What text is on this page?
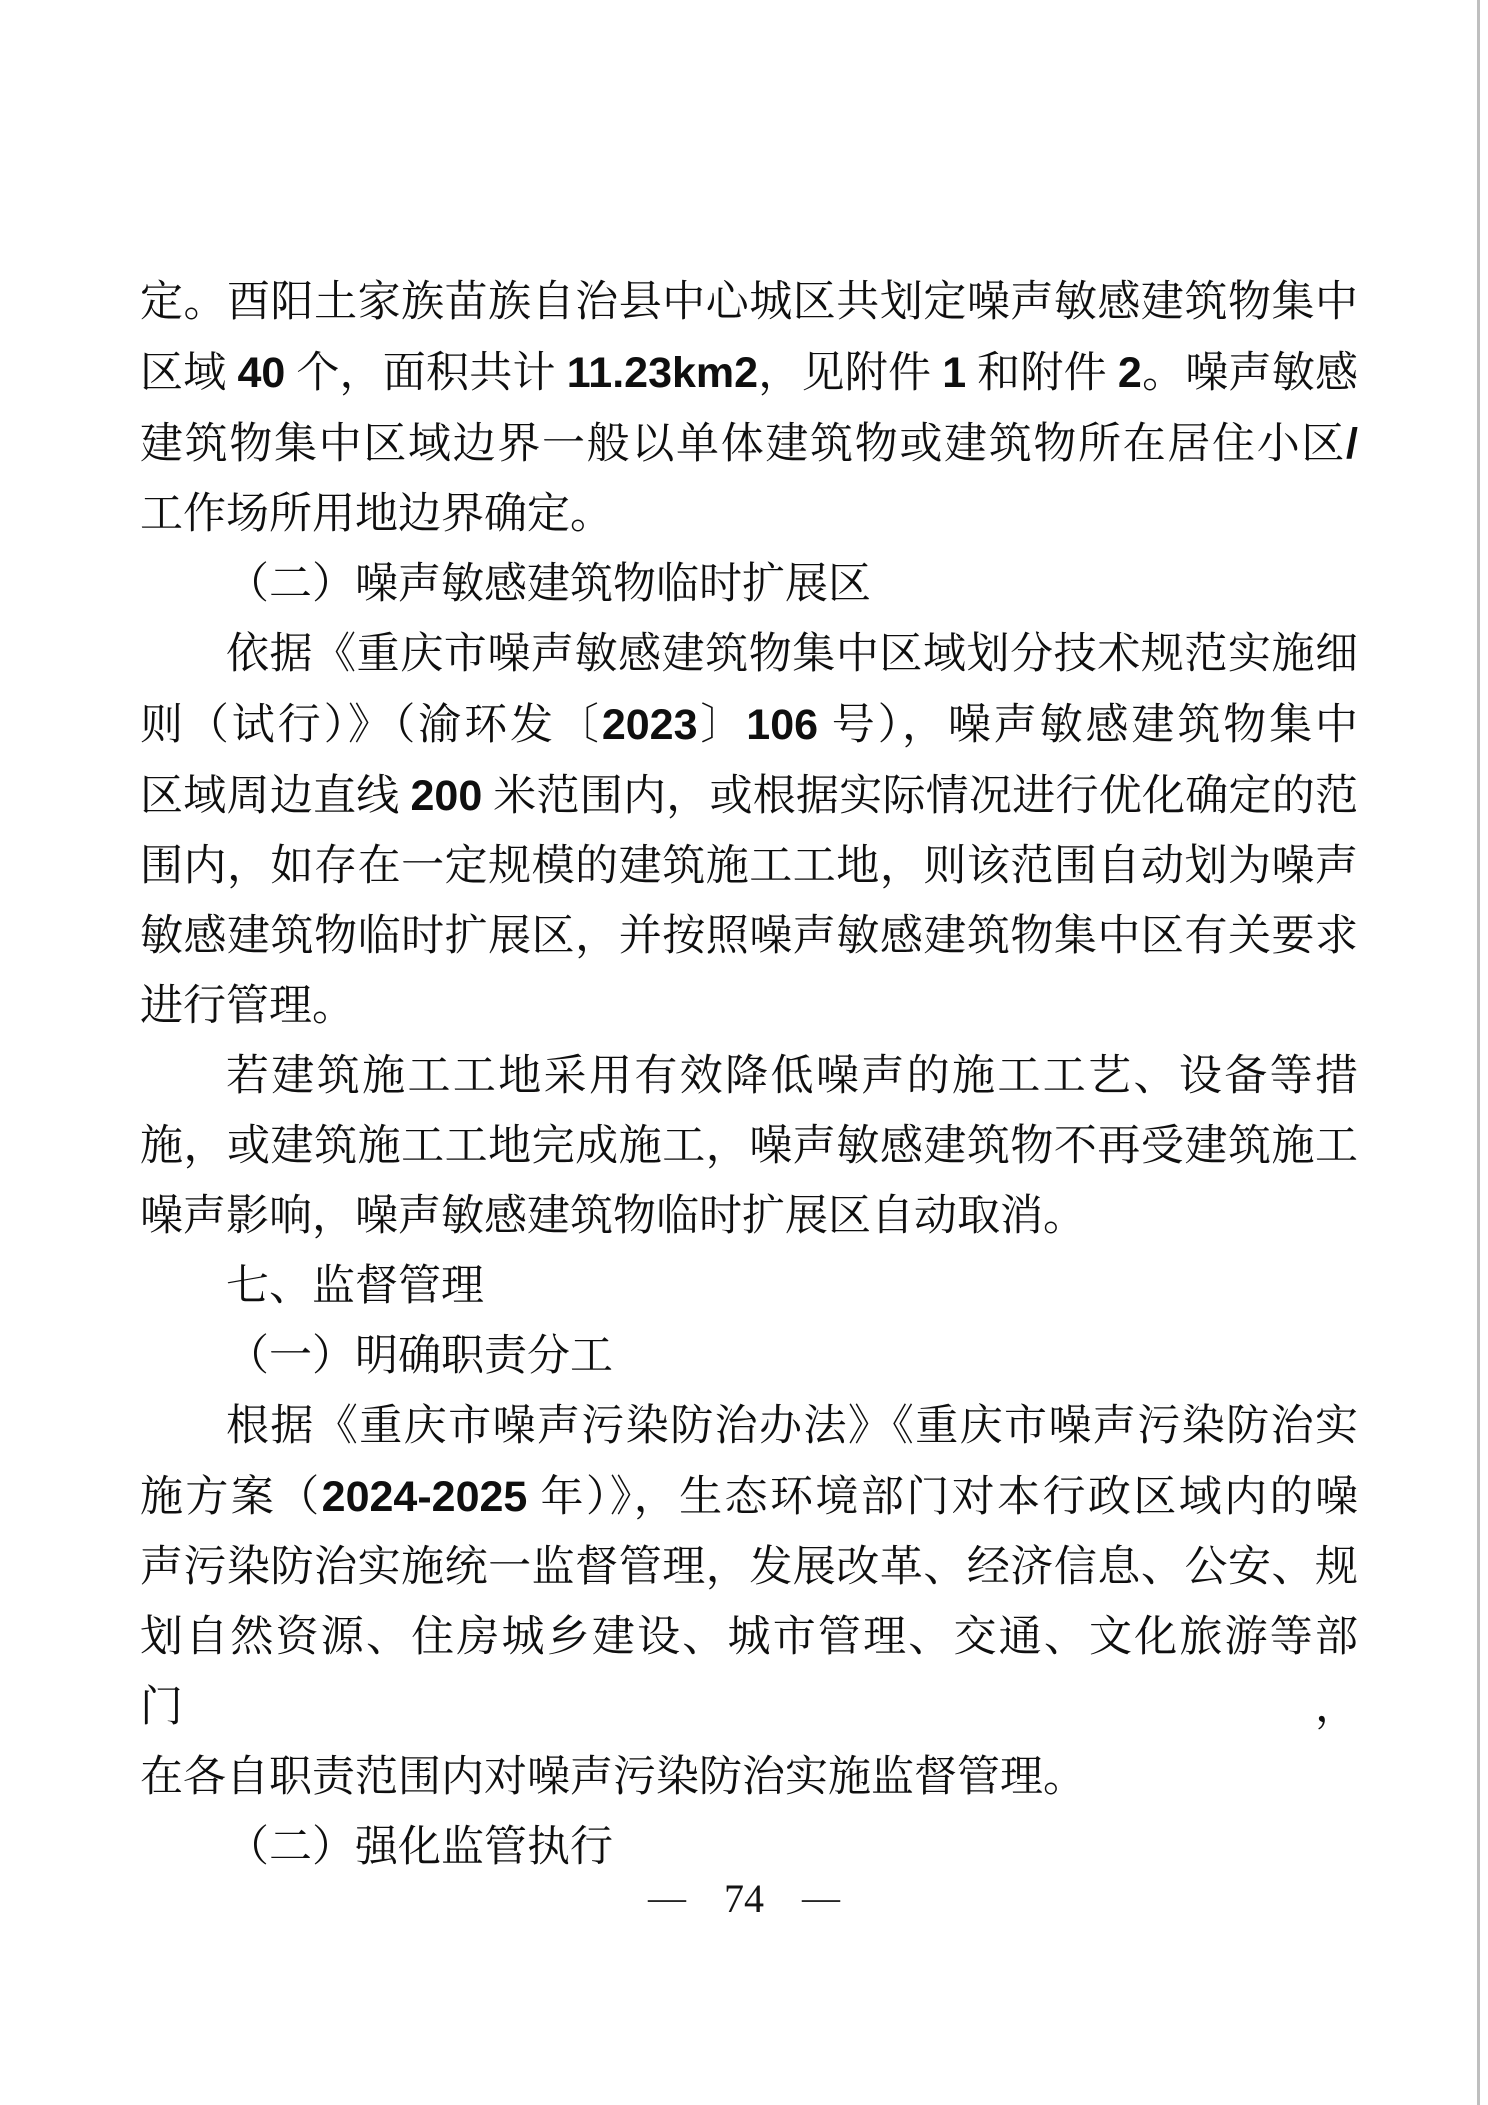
定。酉阳土家族苗族自治县中心城区共划定噪声敏感建筑物集中
区域 40 个，面积共计 11.23km2，见附件 1 和附件 2。噪声敏感
建筑物集中区域边界一般以单体建筑物或建筑物所在居住小区/
工作场所用地边界确定。
（二）噪声敏感建筑物临时扩展区
依据《重庆市噪声敏感建筑物集中区域划分技术规范实施细
则（试行）》（渝环发〔2023〕106 号），噪声敏感建筑物集中
区域周边直线 200 米范围内，或根据实际情况进行优化确定的范
围内，如存在一定规模的建筑施工工地，则该范围自动划为噪声
敏感建筑物临时扩展区，并按照噪声敏感建筑物集中区有关要求
进行管理。
若建筑施工工地采用有效降低噪声的施工工艺、设备等措
施，或建筑施工工地完成施工，噪声敏感建筑物不再受建筑施工
噪声影响，噪声敏感建筑物临时扩展区自动取消。
七、监督管理
（一）明确职责分工
根据《重庆市噪声污染防治办法》《重庆市噪声污染防治实
施方案（2024-2025 年）》，生态环境部门对本行政区域内的噪
声污染防治实施统一监督管理，发展改革、经济信息、公安、规
划自然资源、住房城乡建设、城市管理、交通、文化旅游等部门，
在各自职责范围内对噪声污染防治实施监督管理。
（二）强化监管执行
— 74 —
